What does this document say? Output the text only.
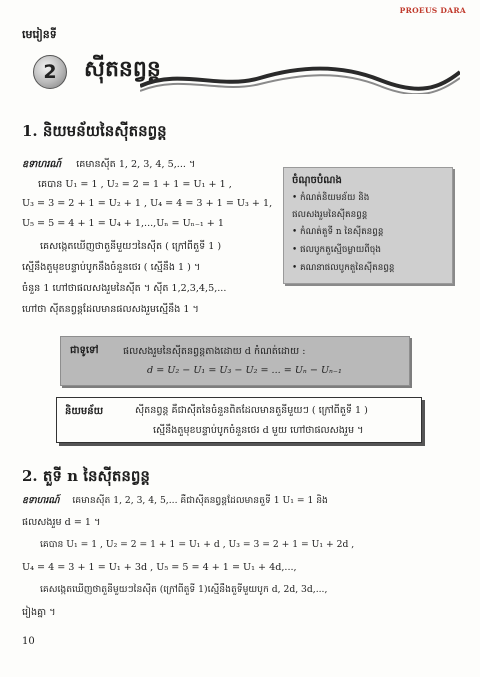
PROEUS DARA
មេរៀនទី
2	ស៊ីតនព្វន្ត
1. និយមន័យនៃស៊ីតនព្វន្ត
ឧទាហរណ៍ គេមានស៊ីត 1, 2, 3, 4, 5,... ។
គេបាន U₁ = 1 , U₂ = 2 = 1 + 1 = U₁ + 1 ,
U₃ = 3 = 2 + 1 = U₂ + 1 , U₄ = 4 = 3 + 1 = U₃ + 1,
U₅ = 5 = 4 + 1 = U₄ + 1,...,Uₙ = Uₙ₋₁ + 1
គេសង្កេតឃើញថាតួនីមួយៗនៃស៊ីត ( ក្រៅពីតួទី 1 )
ស្មើនឹងតួមុខបន្ទាប់បូកនឹងចំនួនថេរ ( ស្មើនឹង 1 ) ។
ចំនួន 1 ហៅថាផលសងរួមនៃស៊ីត ។ ស៊ីត 1,2,3,4,5,...
ហៅថា ស៊ីតនព្វន្តដែលមានផលសងរួមស្មើនឹង 1 ។
ចំណុចបំណង
• កំណត់និយមន័យ និង
ផលសងរួមនៃស៊ីតនព្វន្ត
• កំណត់តួទី n នៃស៊ីតនព្វន្ត
• ផលបូកតួស្មើចម្ងាយពីចុង
• គណនាផលបូកតួនៃស៊ីតនព្វន្ត
ជាទូទៅ	ផលសងរួមនៃស៊ីតនព្វន្តតាងដោយ d កំណត់ដោយ :
d = U₂ − U₁ = U₃ − U₂ = ... = Uₙ − Uₙ₋₁
និយមន័យ	ស៊ីតនព្វន្ត គឺជាស៊ីតនៃចំនួនពិតដែលមានតួនីមួយៗ ( ក្រៅពីតួទី 1 )
ស្មើនឹងតួមុខបន្ទាប់បូកចំនួនថេរ d មួយ ហៅថាផលសងរួម ។
2. តួទី n នៃស៊ីតនព្វន្ត
ឧទាហរណ៍ គេមានស៊ីត 1, 2, 3, 4, 5,... គឺជាស៊ីតនព្វន្តដែលមានតួទី 1 U₁ = 1 និង
ផលសងរួម d = 1 ។
គេបាន U₁ = 1 , U₂ = 2 = 1 + 1 = U₁ + d , U₃ = 3 = 2 + 1 = U₁ + 2d ,
U₄ = 4 = 3 + 1 = U₁ + 3d , U₅ = 5 = 4 + 1 = U₁ + 4d,...,
គេសង្កេតឃើញថាតួនីមួយៗនៃស៊ីត (ក្រៅពីតួទី 1)ស្មើនឹងតួទីមួយបូក d, 2d, 3d,...,
រៀងគ្នា ។
10
